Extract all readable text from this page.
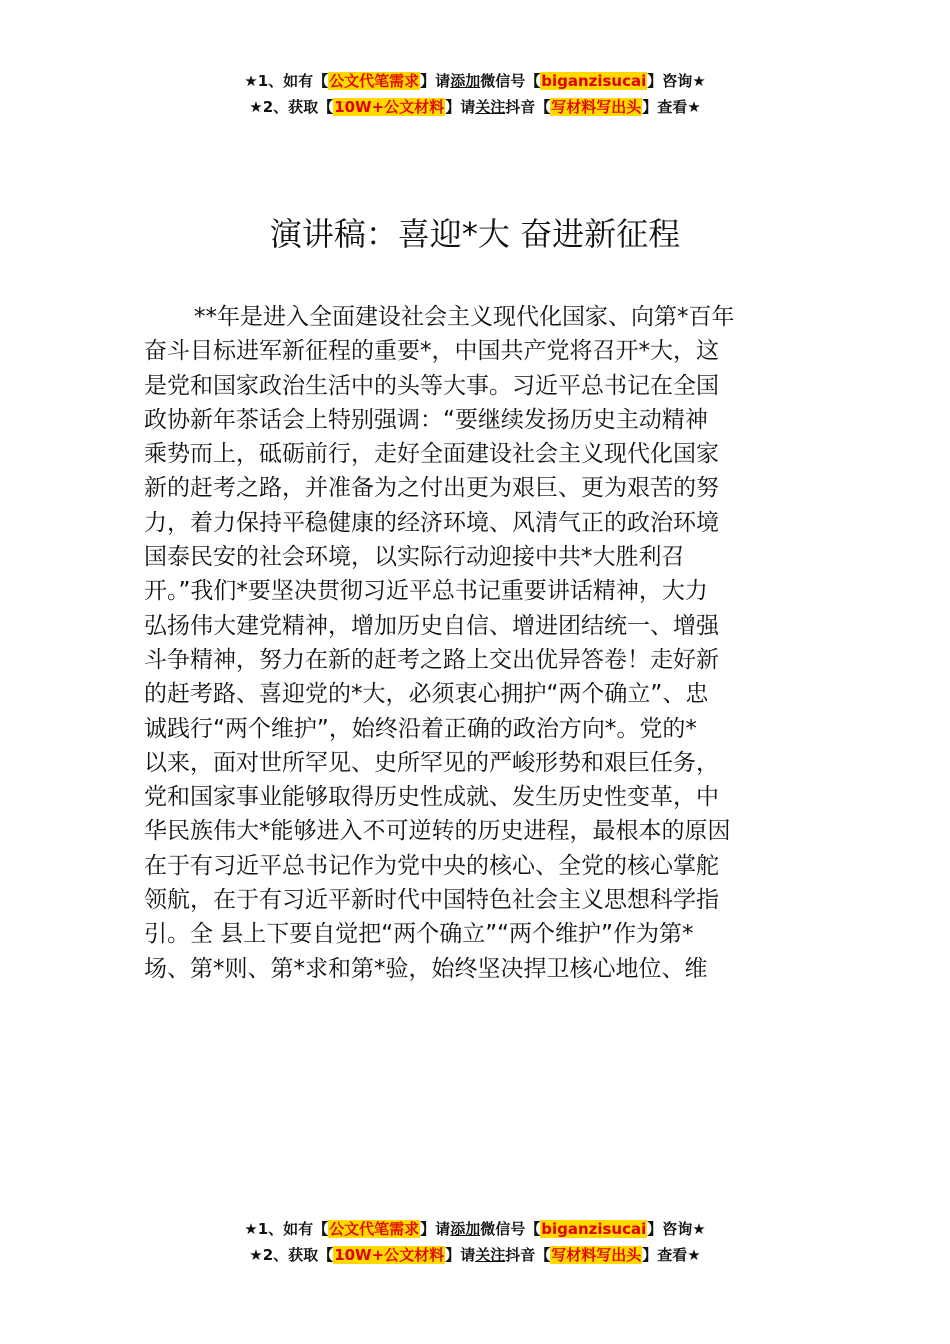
★1、如有【公文代笔需求】请添加微信号【biganzisucai】咨询★
★2、获取【10W+公文材料】请关注抖音【写材料写出头】查看★
演讲稿：喜迎*大 奋进新征程
**年是进入全面建设社会主义现代化国家、向第*百年
奋斗目标进军新征程的重要*，中国共产党将召开*大，这
是党和国家政治生活中的头等大事。习近平总书记在全国
政协新年茶话会上特别强调：“要继续发扬历史主动精神
乘势而上，砥砺前行，走好全面建设社会主义现代化国家
新的赶考之路，并准备为之付出更为艰巨、更为艰苦的努
力，着力保持平稳健康的经济环境、风清气正的政治环境
国泰民安的社会环境，以实际行动迎接中共*大胜利召
开。”我们*要坚决贯彻习近平总书记重要讲话精神，大力
弘扬伟大建党精神，增加历史自信、增进团结统一、增强
斗争精神，努力在新的赶考之路上交出优异答卷！走好新
的赶考路、喜迎党的*大，必须衷心拥护“两个确立”、忠
诚践行“两个维护”，始终沿着正确的政治方向*。党的*
以来，面对世所罕见、史所罕见的严峻形势和艰巨任务，
党和国家事业能够取得历史性成就、发生历史性变革，中
华民族伟大*能够进入不可逆转的历史进程，最根本的原因
在于有习近平总书记作为党中央的核心、全党的核心掌舵
领航，在于有习近平新时代中国特色社会主义思想科学指
引。全 县上下要自觉把“两个确立”“两个维护”作为第*
场、第*则、第*求和第*验，始终坚决捍卫核心地位、维
★1、如有【公文代笔需求】请添加微信号【biganzisucai】咨询★
★2、获取【10W+公文材料】请关注抖音【写材料写出头】查看★
